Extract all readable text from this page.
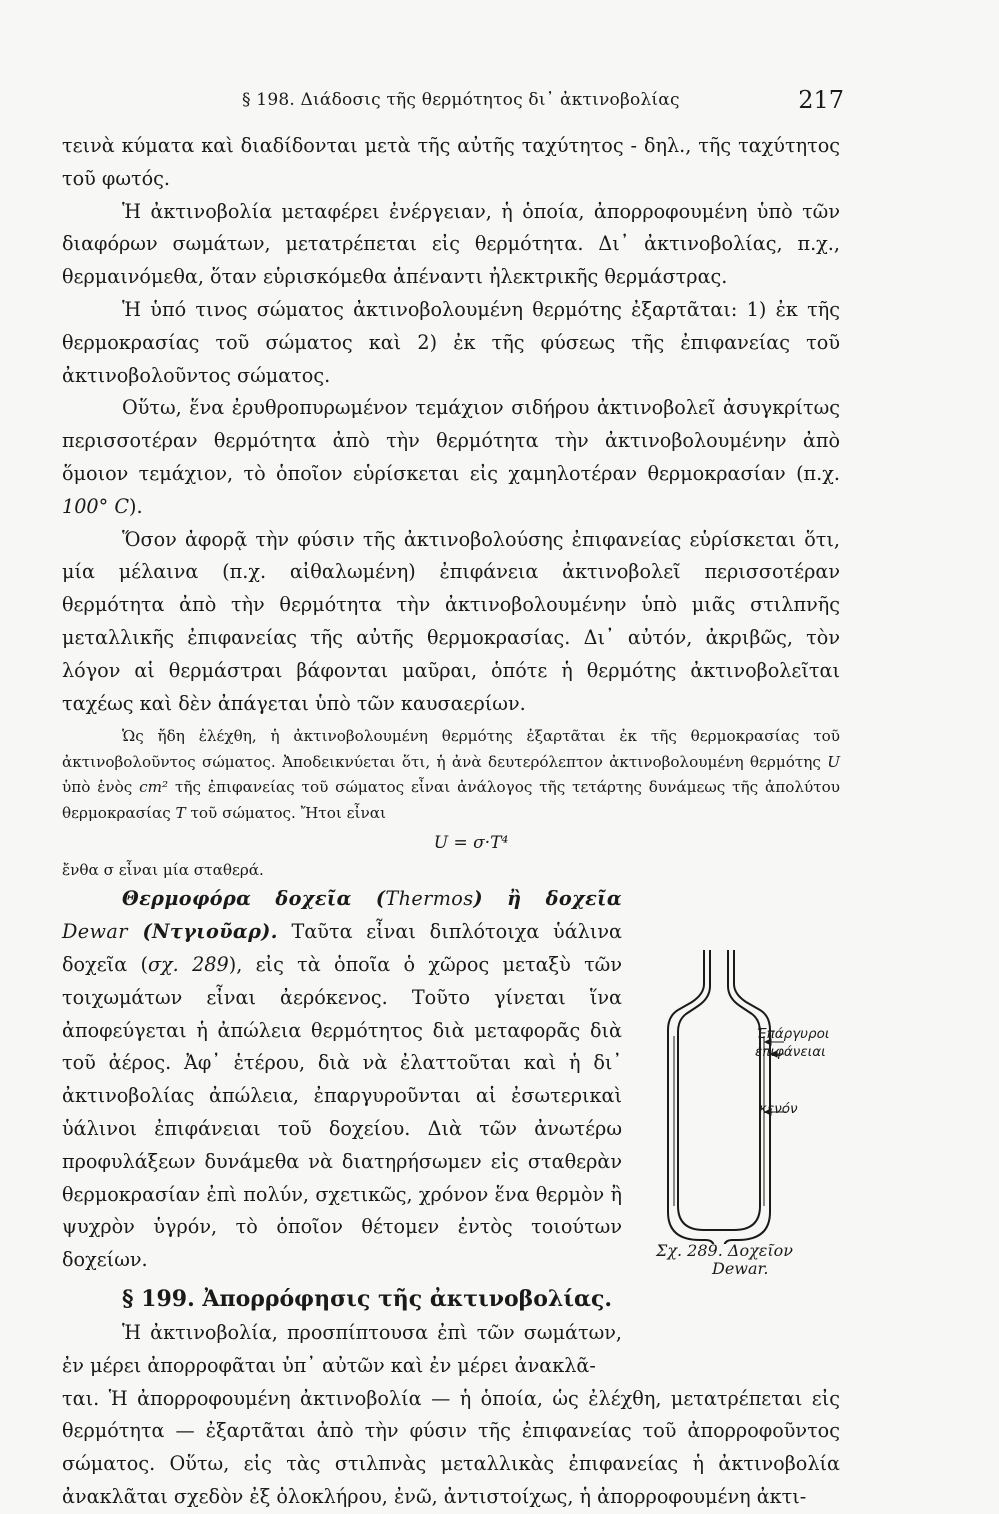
§ 198. Διάδοσις τῆς θερμότητος δι᾽ ἀκτινοβολίας	217

τεινὰ κύματα καὶ διαδίδονται μετὰ τῆς αὐτῆς ταχύτητος - δηλ., τῆς ταχύτητος τοῦ φωτός.

Ἡ ἀκτινοβολία μεταφέρει ἐνέργειαν, ἡ ὁποία, ἀπορροφουμένη ὑπὸ τῶν διαφόρων σωμάτων, μετατρέπεται εἰς θερμότητα. Δι᾽ ἀκτινοβολίας, π.χ., θερμαινόμεθα, ὅταν εὑρισκόμεθα ἀπέναντι ἠλεκτρικῆς θερμάστρας.

Ἡ ὑπό τινος σώματος ἀκτινοβολουμένη θερμότης ἐξαρτᾶται: 1) ἐκ τῆς θερμοκρασίας τοῦ σώματος καὶ 2) ἐκ τῆς φύσεως τῆς ἐπιφανείας τοῦ ἀκτινοβολοῦντος σώματος.

Οὕτω, ἕνα ἐρυθροπυρωμένον τεμάχιον σιδήρου ἀκτινοβολεῖ ἀσυγκρίτως περισσοτέραν θερμότητα ἀπὸ τὴν θερμότητα τὴν ἀκτινοβολουμένην ἀπὸ ὅμοιον τεμάχιον, τὸ ὁποῖον εὑρίσκεται εἰς χαμηλοτέραν θερμοκρασίαν (π.χ. 100° C).

Ὅσον ἀφορᾷ τὴν φύσιν τῆς ἀκτινοβολούσης ἐπιφανείας εὑρίσκεται ὅτι, μία μέλαινα (π.χ. αἰθαλωμένη) ἐπιφάνεια ἀκτινοβολεῖ περισσοτέραν θερμότητα ἀπὸ τὴν θερμότητα τὴν ἀκτινοβολουμένην ὑπὸ μιᾶς στιλπνῆς μεταλλικῆς ἐπιφανείας τῆς αὐτῆς θερμοκρασίας. Δι᾽ αὐτόν, ἀκριβῶς, τὸν λόγον αἱ θερμάστραι βάφονται μαῦραι, ὁπότε ἡ θερμότης ἀκτινοβολεῖται ταχέως καὶ δὲν ἀπάγεται ὑπὸ τῶν καυσαερίων.

Ὡς ἤδη ἐλέχθη, ἡ ἀκτινοβολουμένη θερμότης ἐξαρτᾶται ἐκ τῆς θερμοκρασίας τοῦ ἀκτινοβολοῦντος σώματος. Ἀποδεικνύεται ὅτι, ἡ ἀνὰ δευτερόλεπτον ἀκτινοβολουμένη θερμότης U ὑπὸ ἑνὸς cm² τῆς ἐπιφανείας τοῦ σώματος εἶναι ἀνάλογος τῆς τετάρτης δυνάμεως τῆς ἀπολύτου θερμοκρασίας T τοῦ σώματος. Ἤτοι εἶναι

U = σ·T⁴

ἔνθα σ εἶναι μία σταθερά.

Θερμοφόρα δοχεῖα (Thermos) ἢ δοχεῖα Dewar (Ντγιοῦαρ). Ταῦτα εἶναι διπλότοιχα ὑάλινα δοχεῖα (σχ. 289), εἰς τὰ ὁποῖα ὁ χῶρος μεταξὺ τῶν τοιχωμάτων εἶναι ἀερόκενος. Τοῦτο γίνεται ἵνα ἀποφεύγεται ἡ ἀπώλεια θερμότητος διὰ μεταφορᾶς διὰ τοῦ ἀέρος. Ἀφ᾽ ἑτέρου, διὰ νὰ ἐλαττοῦται καὶ ἡ δι᾽ ἀκτινοβολίας ἀπώλεια, ἐπαργυροῦνται αἱ ἐσωτερικαὶ ὑάλινοι ἐπιφάνειαι τοῦ δοχείου. Διὰ τῶν ἀνωτέρω προφυλάξεων δυνάμεθα νὰ διατηρήσωμεν εἰς σταθερὰν θερμοκρασίαν ἐπὶ πολύν, σχετικῶς, χρόνον ἕνα θερμὸν ἢ ψυχρὸν ὑγρόν, τὸ ὁποῖον θέτομεν ἐντὸς τοιούτων δοχείων.

§ 199. Ἀπορρόφησις τῆς ἀκτινοβολίας.

Ἡ ἀκτινοβολία, προσπίπτουσα ἐπὶ τῶν σωμάτων, ἐν μέρει ἀπορροφᾶται ὑπ᾽ αὐτῶν καὶ ἐν μέρει ἀνακλᾶ-

ται. Ἡ ἀπορροφουμένη ἀκτινοβολία — ἡ ὁποία, ὡς ἐλέχθη, μετατρέπεται εἰς θερμότητα — ἐξαρτᾶται ἀπὸ τὴν φύσιν τῆς ἐπιφανείας τοῦ ἀπορροφοῦντος σώματος. Οὕτω, εἰς τὰς στιλπνὰς μεταλλικὰς ἐπιφανείας ἡ ἀκτινοβολία ἀνακλᾶται σχεδὸν ἐξ ὁλοκλήρου, ἐνῶ, ἀντιστοίχως, ἡ ἀπορροφουμένη ἀκτι-

Ἐπάργυροι
ἐπιφάνειαι
κενόν
Σχ. 289. Δοχεῖον
Dewar.
